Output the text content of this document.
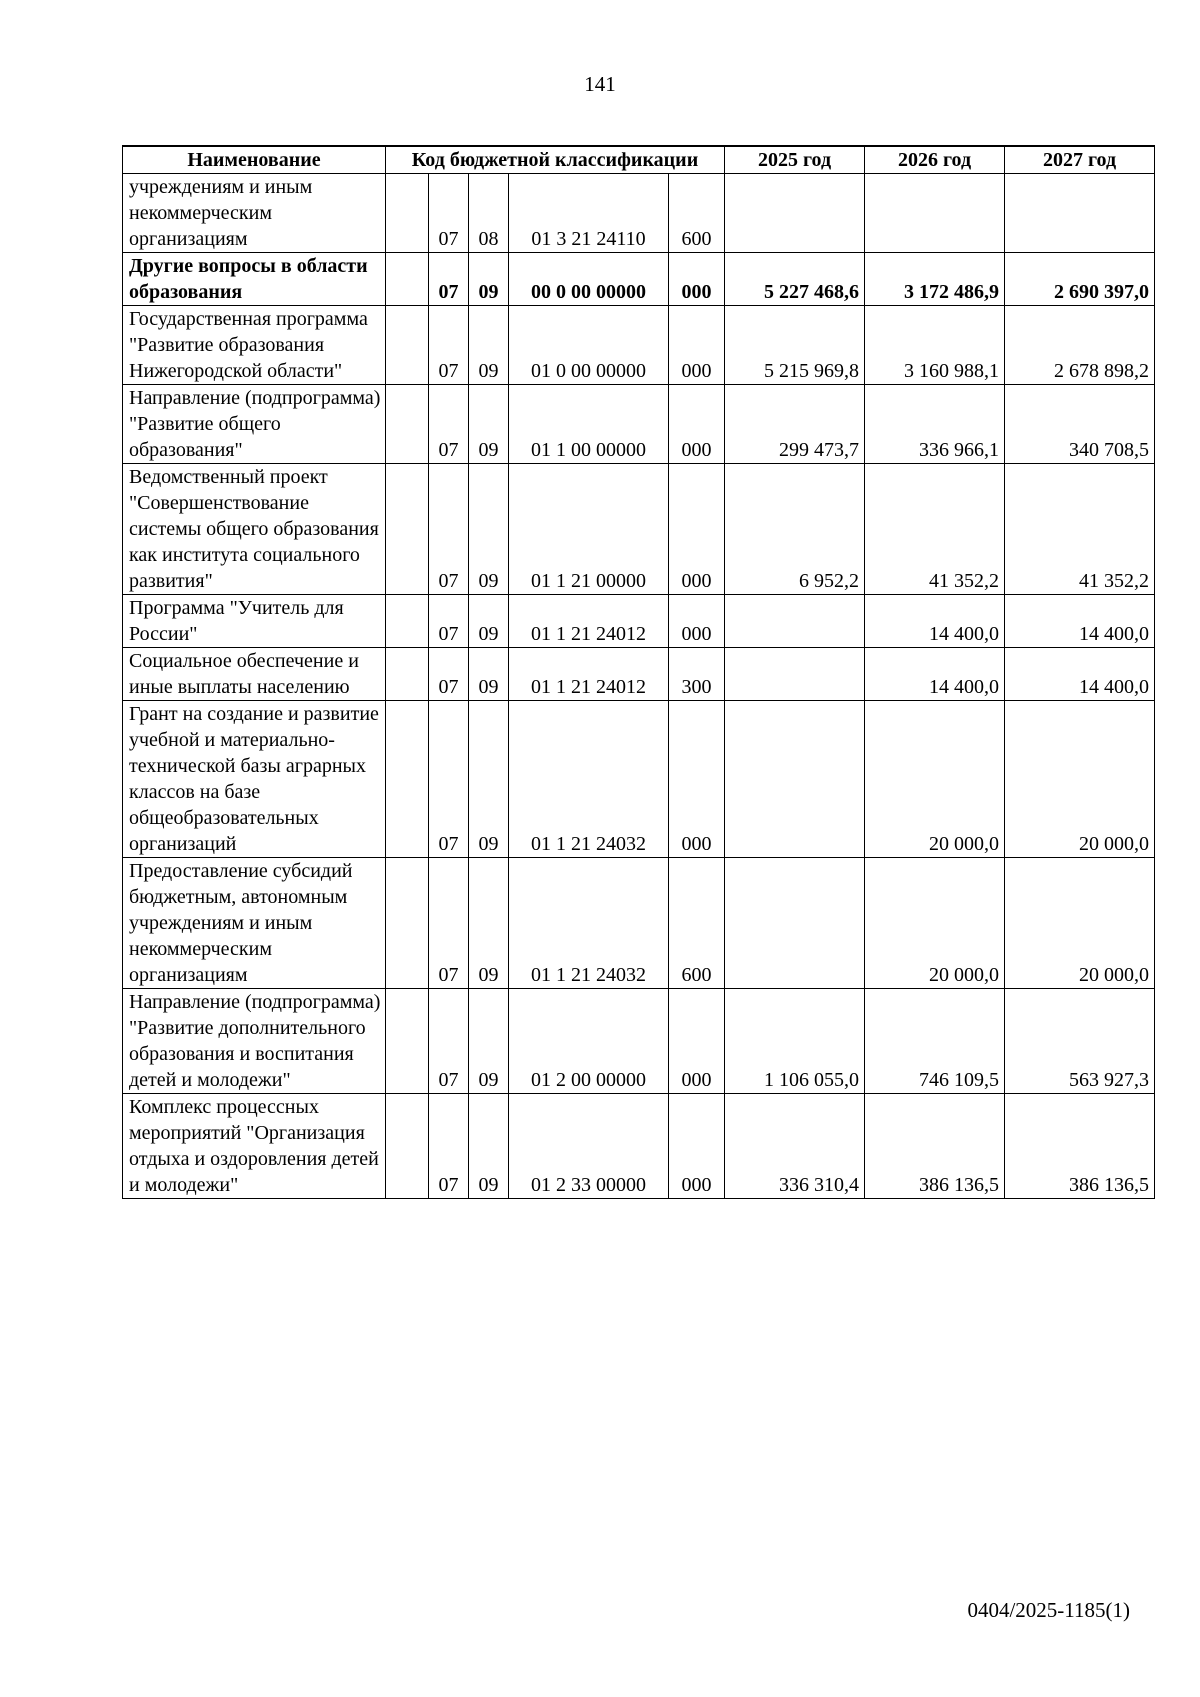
141
Наименование	Код бюджетной классификации					2025 год	2026 год	2027 год
учреждениям и иным некоммерческим организациям		07	08	01 3 21 24110	600			
Другие вопросы в области образования		07	09	00 0 00 00000	000	5 227 468,6	3 172 486,9	2 690 397,0
Государственная программа "Развитие образования Нижегородской области"		07	09	01 0 00 00000	000	5 215 969,8	3 160 988,1	2 678 898,2
Направление (подпрограмма) "Развитие общего образования"		07	09	01 1 00 00000	000	299 473,7	336 966,1	340 708,5
Ведомственный проект "Совершенствование системы общего образования как института социального развития"		07	09	01 1 21 00000	000	6 952,2	41 352,2	41 352,2
Программа "Учитель для России"		07	09	01 1 21 24012	000		14 400,0	14 400,0
Социальное обеспечение и иные выплаты населению		07	09	01 1 21 24012	300		14 400,0	14 400,0
Грант на создание и развитие учебной и материально-технической базы аграрных классов на базе общеобразовательных организаций		07	09	01 1 21 24032	000		20 000,0	20 000,0
Предоставление субсидий бюджетным, автономным учреждениям и иным некоммерческим организациям		07	09	01 1 21 24032	600		20 000,0	20 000,0
Направление (подпрограмма) "Развитие дополнительного образования и воспитания детей и молодежи"		07	09	01 2 00 00000	000	1 106 055,0	746 109,5	563 927,3
Комплекс процессных мероприятий "Организация отдыха и оздоровления детей и молодежи"		07	09	01 2 33 00000	000	336 310,4	386 136,5	386 136,5
0404/2025-1185(1)
